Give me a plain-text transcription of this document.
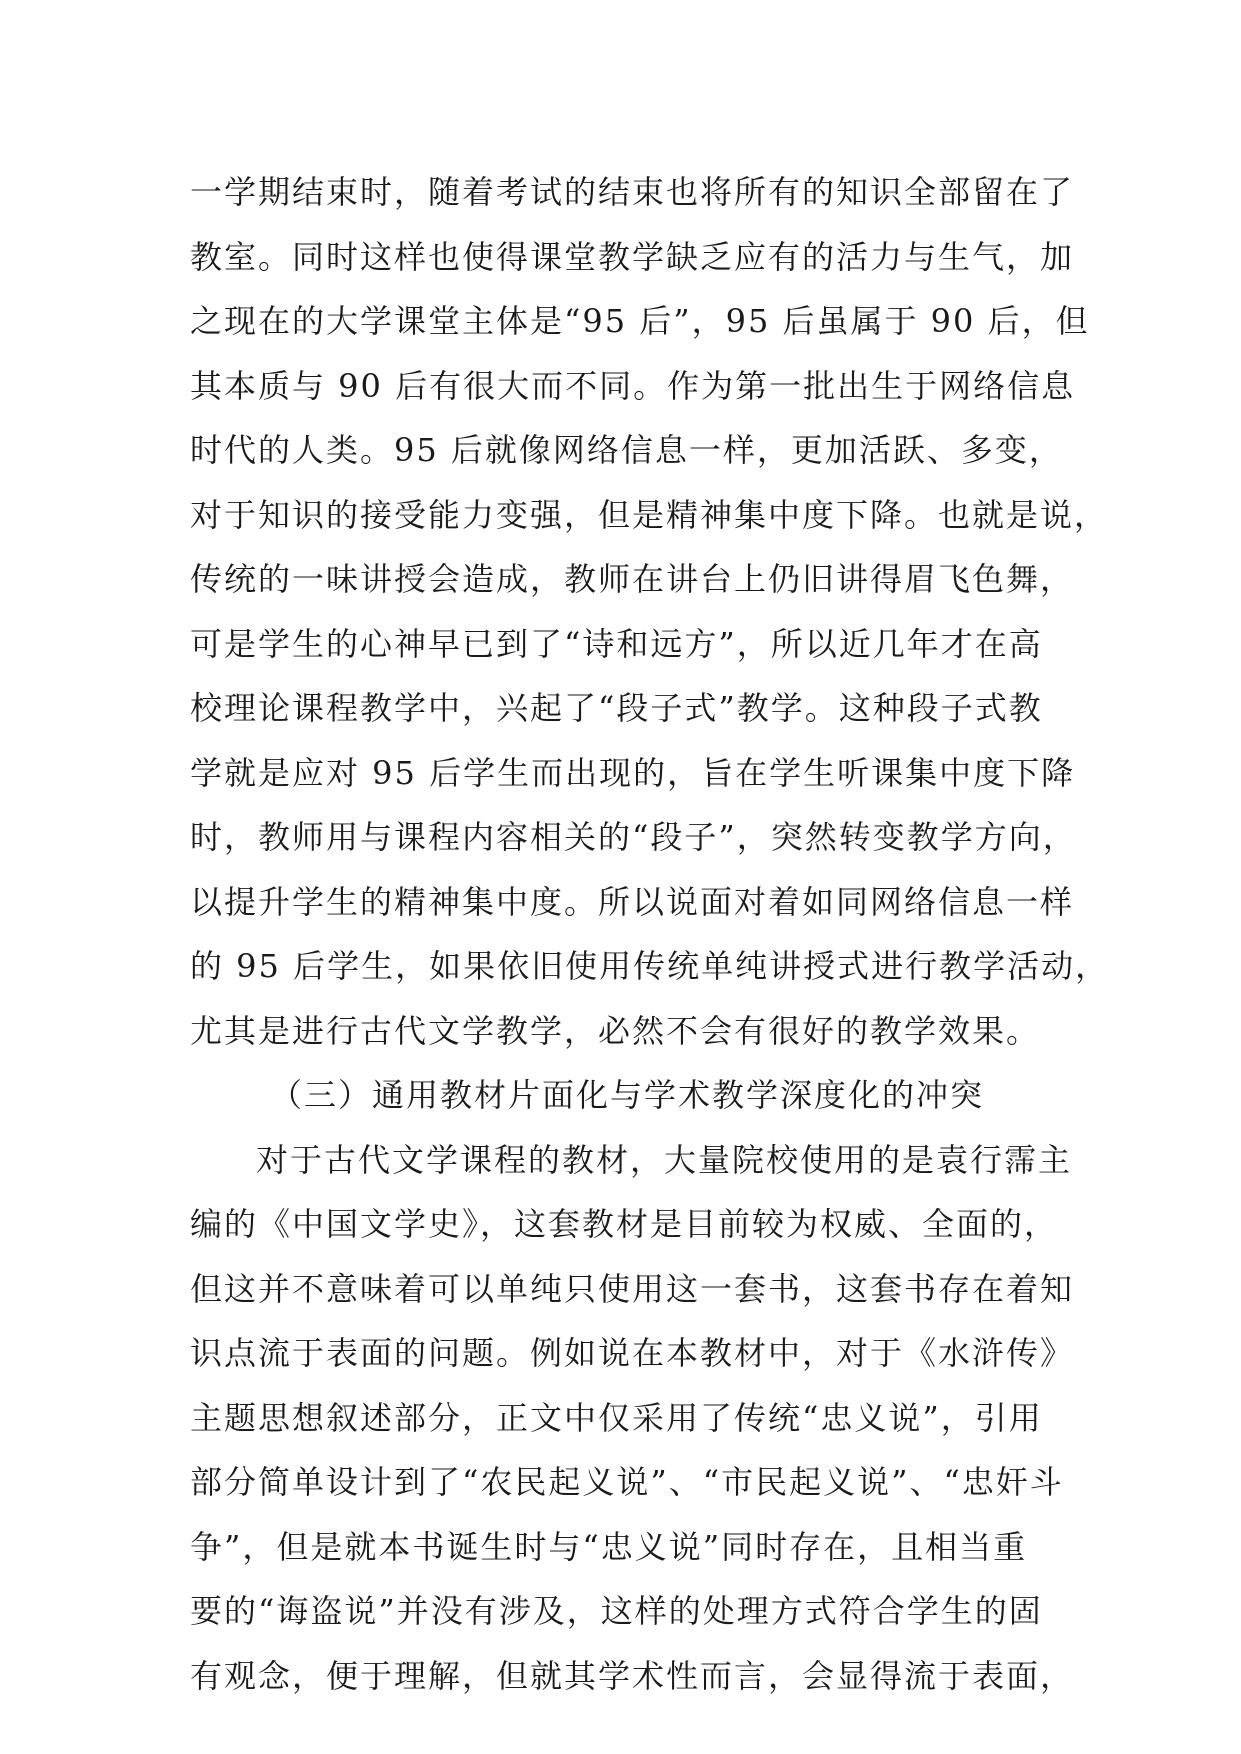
一学期结束时，随着考试的结束也将所有的知识全部留在了
教室。同时这样也使得课堂教学缺乏应有的活力与生气，加
之现在的大学课堂主体是“95 后”，95 后虽属于 90 后，但
其本质与 90 后有很大而不同。作为第一批出生于网络信息
时代的人类。95 后就像网络信息一样，更加活跃、多变，
对于知识的接受能力变强，但是精神集中度下降。也就是说，
传统的一味讲授会造成，教师在讲台上仍旧讲得眉飞色舞，
可是学生的心神早已到了“诗和远方”，所以近几年才在高
校理论课程教学中，兴起了“段子式”教学。这种段子式教
学就是应对 95 后学生而出现的，旨在学生听课集中度下降
时，教师用与课程内容相关的“段子”，突然转变教学方向，
以提升学生的精神集中度。所以说面对着如同网络信息一样
的 95 后学生，如果依旧使用传统单纯讲授式进行教学活动，
尤其是进行古代文学教学，必然不会有很好的教学效果。
（三）通用教材片面化与学术教学深度化的冲突
对于古代文学课程的教材，大量院校使用的是袁行霈主
编的《中国文学史》，这套教材是目前较为权威、全面的，
但这并不意味着可以单纯只使用这一套书，这套书存在着知
识点流于表面的问题。例如说在本教材中，对于《水浒传》
主题思想叙述部分，正文中仅采用了传统“忠义说”，引用
部分简单设计到了“农民起义说”、“市民起义说”、“忠奸斗
争”，但是就本书诞生时与“忠义说”同时存在，且相当重
要的“诲盗说”并没有涉及，这样的处理方式符合学生的固
有观念，便于理解，但就其学术性而言，会显得流于表面，
